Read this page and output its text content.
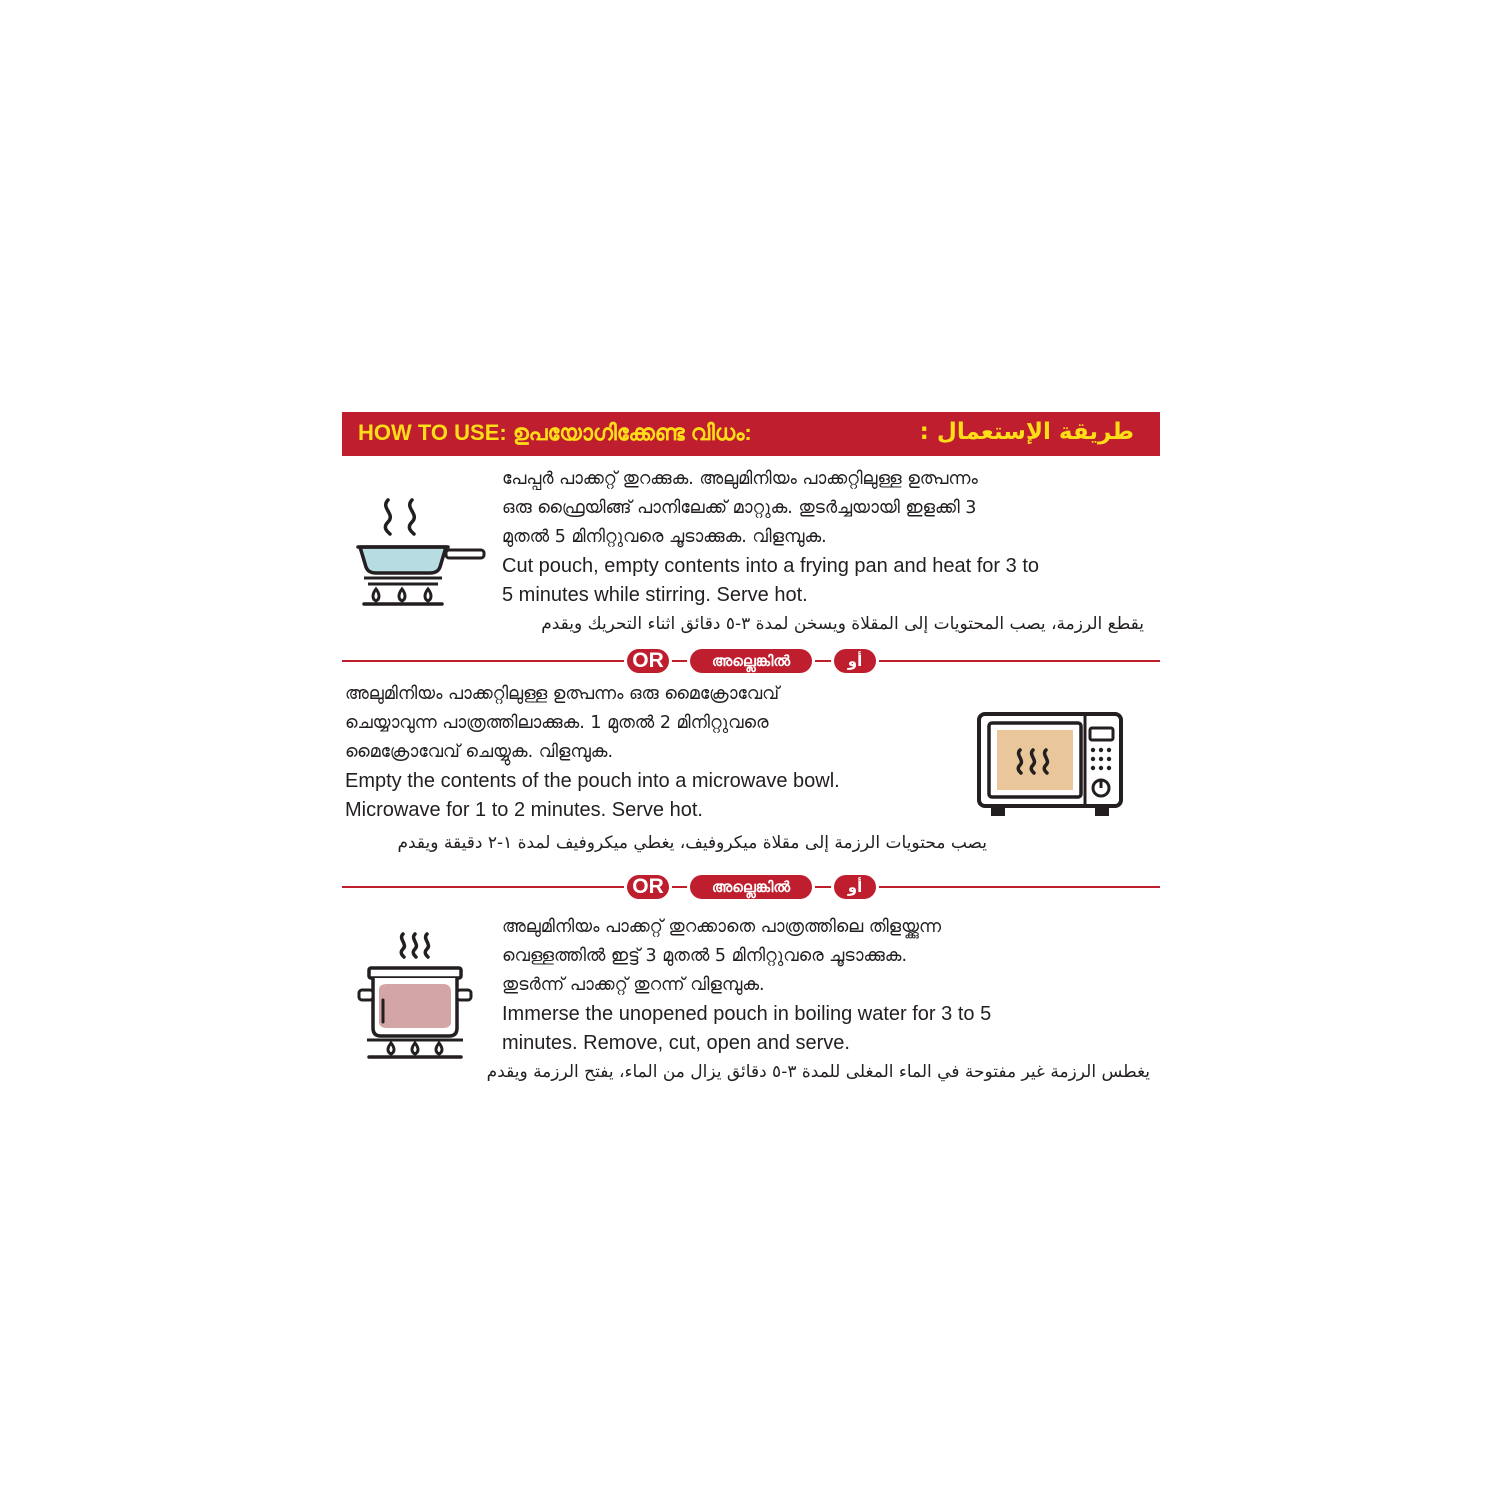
HOW TO USE: ഉപയോഗിക്കേണ്ട വിധം:	طريقة الإستعمال :
പേപ്പർ പാക്കറ്റ് തുറക്കുക. അലുമിനിയം പാക്കറ്റിലുള്ള ഉത്പന്നം
ഒരു ഫ്രൈയിങ്ങ് പാനിലേക്ക് മാറ്റുക. തുടർച്ചയായി ഇളക്കി 3
മുതൽ 5 മിനിറ്റുവരെ ചൂടാക്കുക. വിളമ്പുക.
Cut pouch, empty contents into a frying pan and heat for 3 to
5 minutes while stirring. Serve hot.
يقطع الرزمة، يصب المحتويات إلى المقلاة ويسخن لمدة ٣-٥ دقائق اثناء التحريك ويقدم
OR	അല്ലെങ്കിൽ	أو
അലുമിനിയം പാക്കറ്റിലുള്ള ഉത്പന്നം ഒരു മൈക്രോവേവ്
ചെയ്യാവുന്ന പാത്രത്തിലാക്കുക. 1 മുതൽ 2 മിനിറ്റുവരെ
മൈക്രോവേവ് ചെയ്യുക. വിളമ്പുക.
Empty the contents of the pouch into a microwave bowl.
Microwave for 1 to 2 minutes. Serve hot.
يصب محتويات الرزمة إلى مقلاة ميكروفيف، يغطي ميكروفيف لمدة ١-٢ دقيقة ويقدم
OR	അല്ലെങ്കിൽ	أو
അലുമിനിയം പാക്കറ്റ് തുറക്കാതെ പാത്രത്തിലെ തിളയ്ക്കുന്ന
വെള്ളത്തിൽ ഇട്ട് 3 മുതൽ 5 മിനിറ്റുവരെ ചൂടാക്കുക.
തുടർന്ന് പാക്കറ്റ് തുറന്ന് വിളമ്പുക.
Immerse the unopened pouch in boiling water for 3 to 5
minutes. Remove, cut, open and serve.
يغطس الرزمة غير مفتوحة في الماء المغلى للمدة ٣-٥ دقائق يزال من الماء، يفتح الرزمة ويقدم
